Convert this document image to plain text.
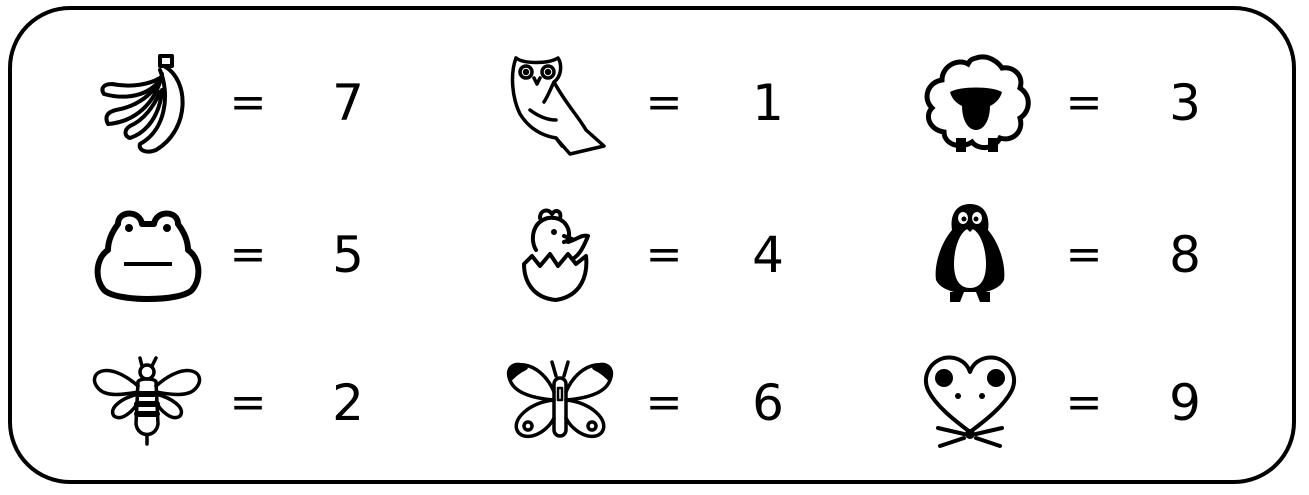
= 7	= 1	= 3
= 5	= 4	= 8
= 2	= 6	= 9
